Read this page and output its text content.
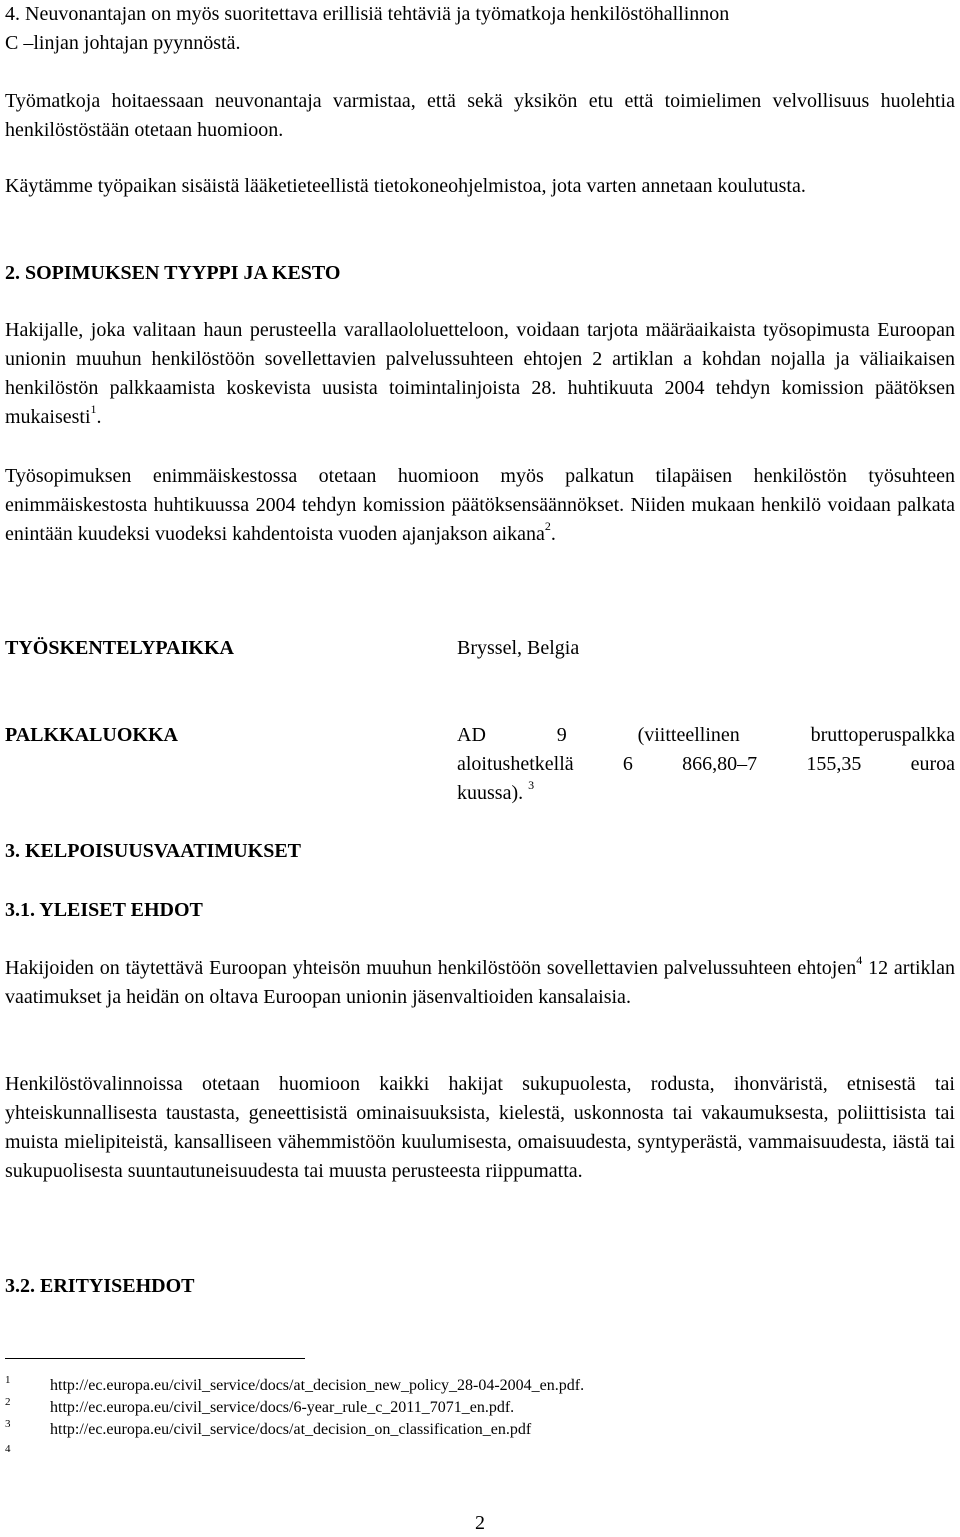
4. Neuvonantajan on myös suoritettava erillisiä tehtäviä ja työmatkoja henkilöstöhallinnon
C –linjan johtajan pyynnöstä.
Työmatkoja hoitaessaan neuvonantaja varmistaa, että sekä yksikön etu että toimielimen velvollisuus huolehtia henkilöstöstään otetaan huomioon.
Käytämme työpaikan sisäistä lääketieteellistä tietokoneohjelmistoa, jota varten annetaan koulutusta.
2. SOPIMUKSEN TYYPPI JA KESTO
Hakijalle, joka valitaan haun perusteella varallaololuetteloon, voidaan tarjota määräaikaista työsopimusta Euroopan unionin muuhun henkilöstöön sovellettavien palvelussuhteen ehtojen 2 artiklan a kohdan nojalla ja väliaikaisen henkilöstön palkkaamista koskevista uusista toimintalinjoista 28. huhtikuuta 2004 tehdyn komission päätöksen mukaisesti$^1$.
Työsopimuksen enimmäiskestossa otetaan huomioon myös palkatun tilapäisen henkilöstön työsuhteen enimmäiskestosta huhtikuussa 2004 tehdyn komission päätöksensäännökset. Niiden mukaan henkilö voidaan palkata enintään kuudeksi vuodeksi kahdentoista vuoden ajanjakson aikana$^2$.
TYÖSKENTELYPAIKKA	Bryssel, Belgia
PALKKALUOKKA	AD 9 (viitteellinen bruttoperuspalkka
aloitushetkellä 6 866,80–7 155,35 euroa
kuussa). $^3$
3. KELPOISUUSVAATIMUKSET
3.1. YLEISET EHDOT
Hakijoiden on täytettävä Euroopan yhteisön muuhun henkilöstöön sovellettavien palvelussuhteen ehtojen$^4$ 12 artiklan vaatimukset ja heidän on oltava Euroopan unionin jäsenvaltioiden kansalaisia.
Henkilöstövalinnoissa otetaan huomioon kaikki hakijat sukupuolesta, rodusta, ihonväristä, etnisestä tai yhteiskunnallisesta taustasta, geneettisistä ominaisuuksista, kielestä, uskonnosta tai vakaumuksesta, poliittisista tai muista mielipiteistä, kansalliseen vähemmistöön kuulumisesta, omaisuudesta, syntyperästä, vammaisuudesta, iästä tai sukupuolisesta suuntautuneisuudesta tai muusta perusteesta riippumatta.
3.2. ERITYISEHDOT
1 http://ec.europa.eu/civil_service/docs/at_decision_new_policy_28-04-2004_en.pdf.
2 http://ec.europa.eu/civil_service/docs/6-year_rule_c_2011_7071_en.pdf.
3 http://ec.europa.eu/civil_service/docs/at_decision_on_classification_en.pdf
4
2
